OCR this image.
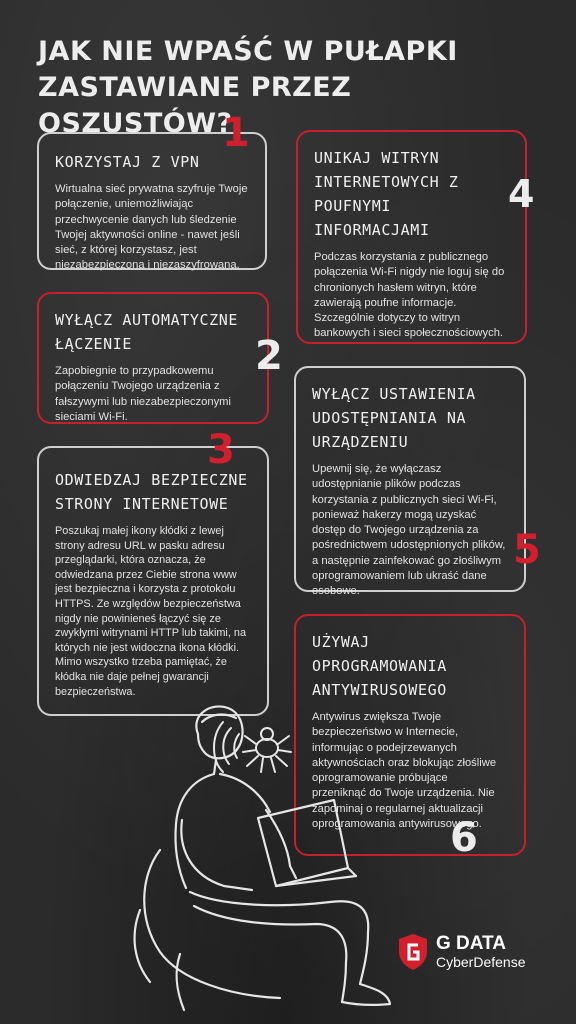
JAK NIE WPAŚĆ W PUŁAPKI ZASTAWIANE PRZEZ OSZUSTÓW?
KORZYSTAJ Z VPN

Wirtualna sieć prywatna szyfruje Twoje połączenie, uniemożliwiając przechwycenie danych lub śledzenie Twojej aktywności online - nawet jeśli sieć, z której korzystasz, jest niezabezpieczona i niezaszyfrowana.

1
UNIKAJ WITRYN INTERNETOWYCH Z POUFNYMI INFORMACJAMI

Podczas korzystania z publicznego połączenia Wi-Fi nigdy nie loguj się do chronionych hasłem witryn, które zawierają poufne informacje. Szczególnie dotyczy to witryn bankowych i sieci społecznościowych.

4
WYŁĄCZ AUTOMATYCZNE ŁĄCZENIE

Zapobiegnie to przypadkowemu połączeniu Twojego urządzenia z fałszywymi lub niezabezpieczonymi sieciami Wi-Fi.

2
WYŁĄCZ USTAWIENIA UDOSTĘPNIANIA NA URZĄDZENIU

Upewnij się, że wyłączasz udostępnianie plików podczas korzystania z publicznych sieci Wi-Fi, ponieważ hakerzy mogą uzyskać dostęp do Twojego urządzenia za pośrednictwem udostępnionych plików, a następnie zainfekować go złośliwym oprogramowaniem lub ukraść dane osobowe.

5
ODWIEDZAJ BEZPIECZNE STRONY INTERNETOWE

Poszukaj małej ikony kłódki z lewej strony adresu URL w pasku adresu przeglądarki, która oznacza, że odwiedzana przez Ciebie strona www jest bezpieczna i korzysta z protokołu HTTPS. Ze względów bezpieczeństwa nigdy nie powinieneś łączyć się ze zwykłymi witrynami HTTP lub takimi, na których nie jest widoczna ikona kłódki. Mimo wszystko trzeba pamiętać, że kłódka nie daje pełnej gwarancji bezpieczeństwa.

3
UŻYWAJ OPROGRAMOWANIA ANTYWIRUSOWEGO

Antywirus zwiększa Twoje bezpieczeństwo w Internecie, informując o podejrzewanych aktywnościach oraz blokując złośliwe oprogramowanie próbujące przeniknąć do Twoje urządzenia. Nie zapominaj o regularnej aktualizacji oprogramowania antywirusowego.

6
G DATA
CyberDefense
